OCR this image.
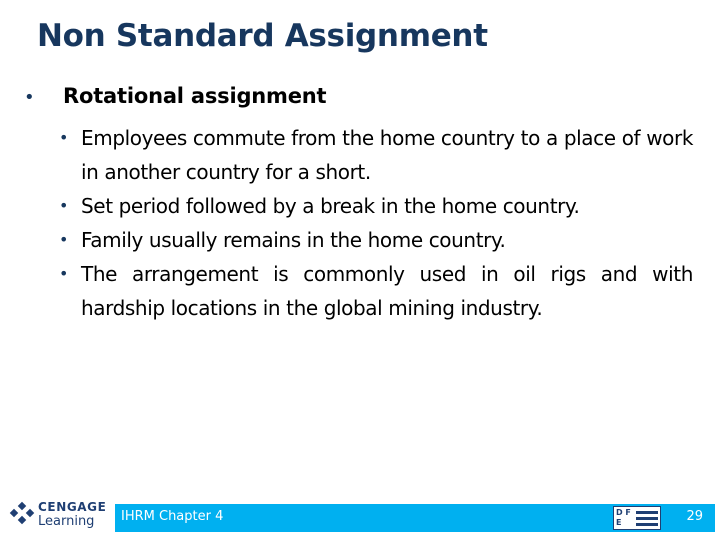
Non Standard Assignment
• Rotational assignment
• Employees commute from the home country to a place of work in another country for a short.
• Set period followed by a break in the home country.
• Family usually remains in the home country.
• The arrangement is commonly used in oil rigs and with hardship locations in the global mining industry.
CENGAGE
Learning IHRM Chapter 4	D F
E	29
